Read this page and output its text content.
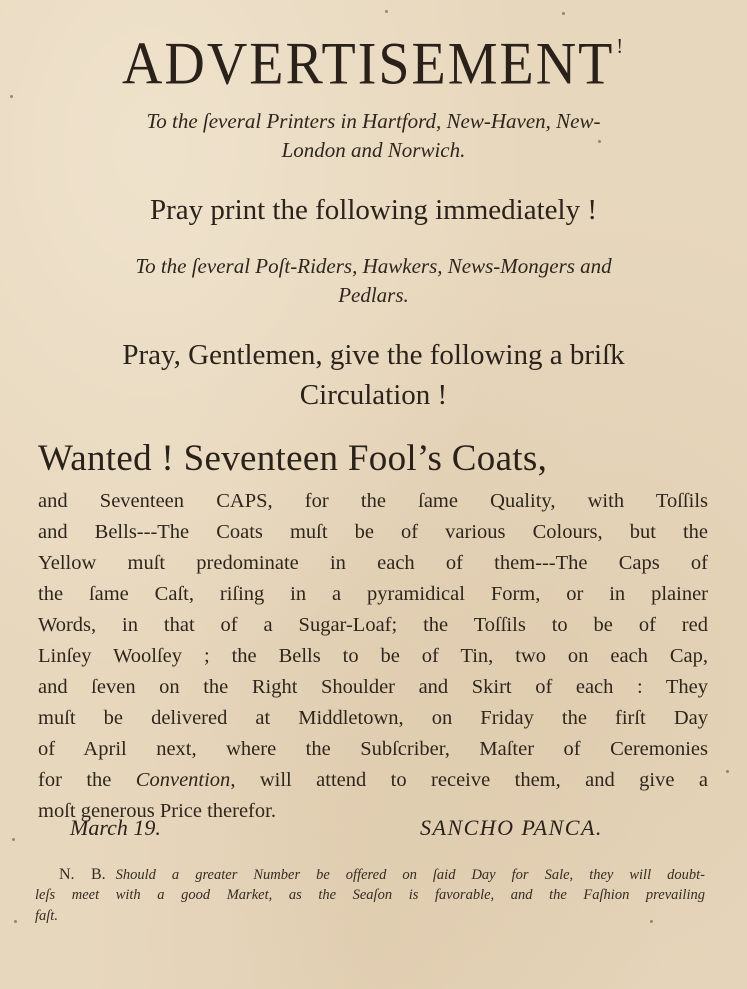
ADVERTISEMENT !
To the ſeveral Printers in Hartford, New-Haven, New-
London and Norwich.
Pray print the following immediately !
To the ſeveral Poſt-Riders, Hawkers, News-Mongers and
Pedlars.
Pray, Gentlemen, give the following a briſk
Circulation !
Wanted ! Seventeen Fool’s Coats,
and Seventeen CAPS, for the ſame Quality, with Toſſils
and Bells---The Coats muſt be of various Colours, but the
Yellow muſt predominate in each of them---The Caps of
the ſame Caſt, riſing in a pyramidical Form, or in plainer
Words, in that of a Sugar-Loaf; the Toſſils to be of red
Linſey Woolſey ; the Bells to be of Tin, two on each Cap,
and ſeven on the Right Shoulder and Skirt of each : They
muſt be delivered at Middletown, on Friday the firſt Day
of April next, where the Subſcriber, Maſter of Ceremonies
for the Convention, will attend to receive them, and give a
moſt generous Price therefor.
March 19.	SANCHO PANCA.
N. B. Should a greater Number be offered on ſaid Day for Sale, they will doubt-
leſs meet with a good Market, as the Seaſon is favorable, and the Faſhion prevailing
faſt.
